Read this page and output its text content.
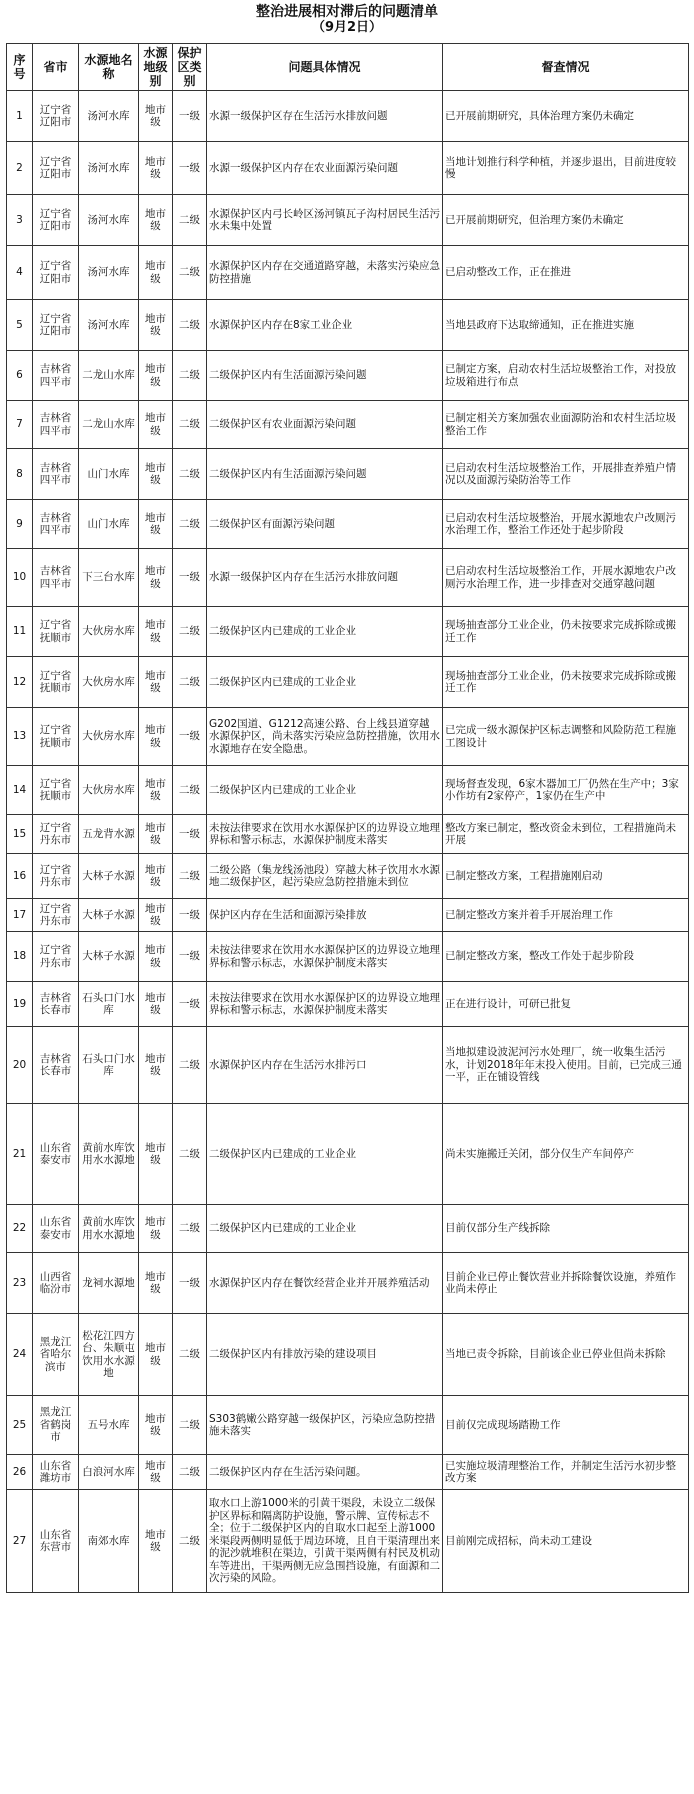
整治进展相对滞后的问题清单
（9月2日）
序号	省市	水源地名称	水源地级别	保护区类别	问题具体情况	督查情况
1	辽宁省辽阳市	汤河水库	地市级	一级	水源一级保护区存在生活污水排放问题	已开展前期研究，具体治理方案仍未确定
2	辽宁省辽阳市	汤河水库	地市级	一级	水源一级保护区内存在农业面源污染问题	当地计划推行科学种植，并逐步退出，目前进度较慢
3	辽宁省辽阳市	汤河水库	地市级	二级	水源保护区内弓长岭区汤河镇瓦子沟村居民生活污水未集中处置	已开展前期研究，但治理方案仍未确定
4	辽宁省辽阳市	汤河水库	地市级	二级	水源保护区内存在交通道路穿越，未落实污染应急防控措施	已启动整改工作，正在推进
5	辽宁省辽阳市	汤河水库	地市级	二级	水源保护区内存在8家工业企业	当地县政府下达取缔通知，正在推进实施
6	吉林省四平市	二龙山水库	地市级	二级	二级保护区内有生活面源污染问题	已制定方案，启动农村生活垃圾整治工作，对投放垃圾箱进行布点
7	吉林省四平市	二龙山水库	地市级	二级	二级保护区有农业面源污染问题	已制定相关方案加强农业面源防治和农村生活垃圾整治工作
8	吉林省四平市	山门水库	地市级	二级	二级保护区内有生活面源污染问题	已启动农村生活垃圾整治工作，开展排查养殖户情况以及面源污染防治等工作
9	吉林省四平市	山门水库	地市级	二级	二级保护区有面源污染问题	已启动农村生活垃圾整治，开展水源地农户改厕污水治理工作，整治工作还处于起步阶段
10	吉林省四平市	下三台水库	地市级	一级	水源一级保护区内存在生活污水排放问题	已启动农村生活垃圾整治工作，开展水源地农户改厕污水治理工作，进一步排查对交通穿越问题
11	辽宁省抚顺市	大伙房水库	地市级	二级	二级保护区内已建成的工业企业	现场抽查部分工业企业，仍未按要求完成拆除或搬迁工作
12	辽宁省抚顺市	大伙房水库	地市级	二级	二级保护区内已建成的工业企业	现场抽查部分工业企业，仍未按要求完成拆除或搬迁工作
13	辽宁省抚顺市	大伙房水库	地市级	一级	G202国道、G1212高速公路、台上线县道穿越水源保护区，尚未落实污染应急防控措施，饮用水水源地存在安全隐患。	已完成一级水源保护区标志调整和风险防范工程施工图设计
14	辽宁省抚顺市	大伙房水库	地市级	二级	二级保护区内已建成的工业企业	现场督查发现，6家木器加工厂仍然在生产中；3家小作坊有2家停产，1家仍在生产中
15	辽宁省丹东市	五龙背水源	地市级	一级	未按法律要求在饮用水水源保护区的边界设立地理界标和警示标志，水源保护制度未落实	整改方案已制定，整改资金未到位，工程措施尚未开展
16	辽宁省丹东市	大林子水源	地市级	二级	二级公路（集龙线汤池段）穿越大林子饮用水水源地二级保护区，起污染应急防控措施未到位	已制定整改方案，工程措施刚启动
17	辽宁省丹东市	大林子水源	地市级	一级	保护区内存在生活和面源污染排放	已制定整改方案并着手开展治理工作
18	辽宁省丹东市	大林子水源	地市级	一级	未按法律要求在饮用水水源保护区的边界设立地理界标和警示标志，水源保护制度未落实	已制定整改方案，整改工作处于起步阶段
19	吉林省长春市	石头口门水库	地市级	一级	未按法律要求在饮用水水源保护区的边界设立地理界标和警示标志，水源保护制度未落实	正在进行设计，可研已批复
20	吉林省长春市	石头口门水库	地市级	二级	水源保护区内存在生活污水排污口	当地拟建设波泥河污水处理厂，统一收集生活污水，计划2018年年末投入使用。目前，已完成三通一平，正在铺设管线
21	山东省泰安市	黄前水库饮用水水源地	地市级	二级	二级保护区内已建成的工业企业	尚未实施搬迁关闭，部分仅生产车间停产
22	山东省泰安市	黄前水库饮用水水源地	地市级	二级	二级保护区内已建成的工业企业	目前仅部分生产线拆除
23	山西省临汾市	龙祠水源地	地市级	一级	水源保护区内存在餐饮经营企业并开展养殖活动	目前企业已停止餐饮营业并拆除餐饮设施，养殖作业尚未停止
24	黑龙江省哈尔滨市	松花江四方台、朱顺屯饮用水水源地	地市级	二级	二级保护区内有排放污染的建设项目	当地已责令拆除，目前该企业已停业但尚未拆除
25	黑龙江省鹤岗市	五号水库	地市级	二级	S303鹤嫩公路穿越一级保护区，污染应急防控措施未落实	目前仅完成现场踏勘工作
26	山东省潍坊市	白浪河水库	地市级	二级	二级保护区内存在生活污染问题。	已实施垃圾清理整治工作，并制定生活污水初步整改方案
27	山东省东营市	南郊水库	地市级	二级	取水口上游1000米的引黄干渠段，未设立二级保护区界标和隔离防护设施，警示牌、宣传标志不全；位于二级保护区内的自取水口起至上游1000米渠段两侧明显低于周边环境，且自干渠清理出来的泥沙就堆积在渠边，引黄干渠两侧有村民及机动车等进出，干渠两侧无应急围挡设施，有面源和二次污染的风险。	目前刚完成招标，尚未动工建设
